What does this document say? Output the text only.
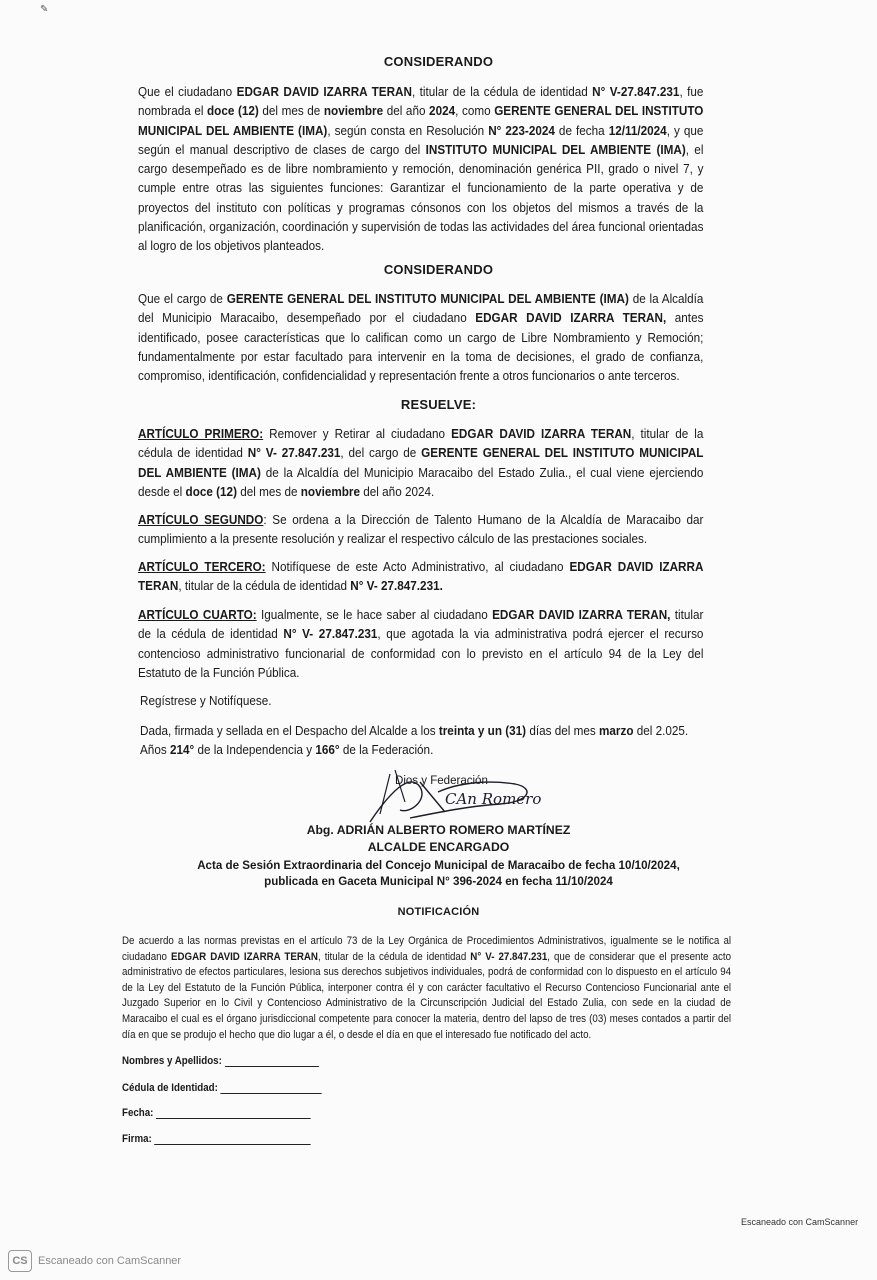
✎
CONSIDERANDO
Que el ciudadano EDGAR DAVID IZARRA TERAN, titular de la cédula de identidad N° V-27.847.231, fue nombrada el doce (12) del mes de noviembre del año 2024, como GERENTE GENERAL DEL INSTITUTO MUNICIPAL DEL AMBIENTE (IMA), según consta en Resolución N° 223-2024 de fecha 12/11/2024, y que según el manual descriptivo de clases de cargo del INSTITUTO MUNICIPAL DEL AMBIENTE (IMA), el cargo desempeñado es de libre nombramiento y remoción, denominación genérica PII, grado o nivel 7, y cumple entre otras las siguientes funciones: Garantizar el funcionamiento de la parte operativa y de proyectos del instituto con políticas y programas cónsonos con los objetos del mismos a través de la planificación, organización, coordinación y supervisión de todas las actividades del área funcional orientadas al logro de los objetivos planteados.
CONSIDERANDO
Que el cargo de GERENTE GENERAL DEL INSTITUTO MUNICIPAL DEL AMBIENTE (IMA) de la Alcaldía del Municipio Maracaibo, desempeñado por el ciudadano EDGAR DAVID IZARRA TERAN, antes identificado, posee características que lo califican como un cargo de Libre Nombramiento y Remoción; fundamentalmente por estar facultado para intervenir en la toma de decisiones, el grado de confianza, compromiso, identificación, confidencialidad y representación frente a otros funcionarios o ante terceros.
RESUELVE:
ARTÍCULO PRIMERO: Remover y Retirar al ciudadano EDGAR DAVID IZARRA TERAN, titular de la cédula de identidad N° V- 27.847.231, del cargo de GERENTE GENERAL DEL INSTITUTO MUNICIPAL DEL AMBIENTE (IMA) de la Alcaldía del Municipio Maracaibo del Estado Zulia., el cual viene ejerciendo desde el doce (12) del mes de noviembre del año 2024.
ARTÍCULO SEGUNDO: Se ordena a la Dirección de Talento Humano de la Alcaldía de Maracaibo dar cumplimiento a la presente resolución y realizar el respectivo cálculo de las prestaciones sociales.
ARTÍCULO TERCERO: Notifíquese de este Acto Administrativo, al ciudadano EDGAR DAVID IZARRA TERAN, titular de la cédula de identidad N° V- 27.847.231.
ARTÍCULO CUARTO: Igualmente, se le hace saber al ciudadano EDGAR DAVID IZARRA TERAN, titular de la cédula de identidad N° V- 27.847.231, que agotada la via administrativa podrá ejercer el recurso contencioso administrativo funcionarial de conformidad con lo previsto en el artículo 94 de la Ley del Estatuto de la Función Pública.
Regístrese y Notifíquese.
Dada, firmada y sellada en el Despacho del Alcalde a los treinta y un (31) días del mes marzo del 2.025.
Años 214° de la Independencia y 166° de la Federación.
Dios y Federación
CAn Romero
Abg. ADRIÁN ALBERTO ROMERO MARTÍNEZ
ALCALDE ENCARGADO
Acta de Sesión Extraordinaria del Concejo Municipal de Maracaibo de fecha 10/10/2024,
publicada en Gaceta Municipal N° 396-2024 en fecha 11/10/2024
NOTIFICACIÓN
De acuerdo a las normas previstas en el artículo 73 de la Ley Orgánica de Procedimientos Administrativos, igualmente se le notifica al ciudadano EDGAR DAVID IZARRA TERAN, titular de la cédula de identidad N° V- 27.847.231, que de considerar que el presente acto administrativo de efectos particulares, lesiona sus derechos subjetivos individuales, podrá de conformidad con lo dispuesto en el artículo 94 de la Ley del Estatuto de la Función Pública, interponer contra él y con carácter facultativo el Recurso Contencioso Funcionarial ante el Juzgado Superior en lo Civil y Contencioso Administrativo de la Circunscripción Judicial del Estado Zulia, con sede en la ciudad de Maracaibo el cual es el órgano jurisdiccional competente para conocer la materia, dentro del lapso de tres (03) meses contados a partir del día en que se produjo el hecho que dio lugar a él, o desde el día en que el interesado fue notificado del acto.
Nombres y Apellidos:
Cédula de Identidad:
Fecha:
Firma:
Escaneado con CamScanner
CS Escaneado con CamScanner
